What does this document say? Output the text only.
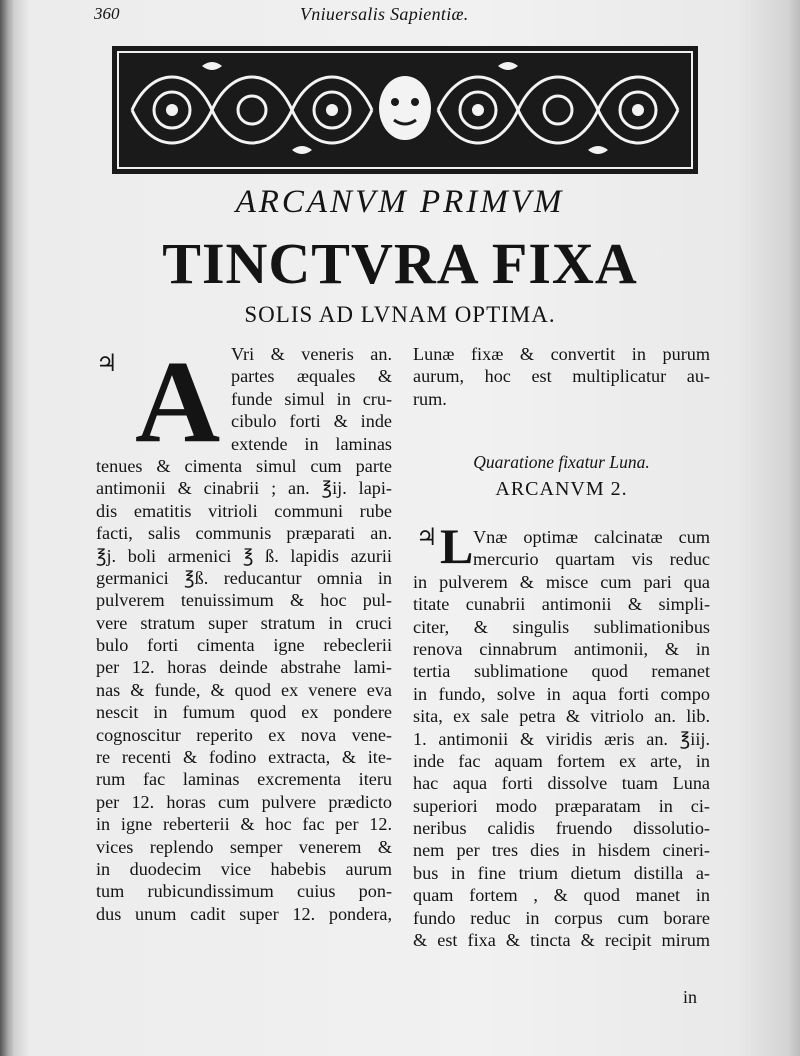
360	Vniuersalis Sapientiæ.
ARCANVM PRIMVM
TINCTVRA FIXA
SOLIS AD LVNAM OPTIMA.
♃ A Vri & veneris an.
partes æquales &
funde simul in cru-
cibulo forti & inde
extende in laminas
tenues & cimenta simul cum parte
antimonii & cinabrii ; an. ℥ij. lapi-
dis ematitis vitrioli communi rube
facti, salis communis præparati an.
℥j. boli armenici ℥ ß. lapidis azurii
germanici ℥ß. reducantur omnia in
pulverem tenuissimum & hoc pul-
vere stratum super stratum in cruci
bulo forti cimenta igne rebeclerii
per 12. horas deinde abstrahe lami-
nas & funde, & quod ex venere eva
nescit in fumum quod ex pondere
cognoscitur reperito ex nova vene-
re recenti & fodino extracta, & ite-
rum fac laminas excrementa iteru
per 12. horas cum pulvere prædicto
in igne reberterii & hoc fac per 12.
vices replendo semper venerem &
in duodecim vice habebis aurum
tum rubicundissimum cuius pon-
dus unum cadit super 12. pondera,
Lunæ fixæ & convertit in purum
aurum, hoc est multiplicatur au-
rum.
Quaratione fixatur Luna.
ARCANVM 2.
♃ L Vnæ optimæ calcinatæ cum
mercurio quartam vis reduc
in pulverem & misce cum pari qua
titate cunabrii antimonii & simpli-
citer, & singulis sublimationibus
renova cinnabrum antimonii, & in
tertia sublimatione quod remanet
in fundo, solve in aqua forti compo
sita, ex sale petra & vitriolo an. lib.
1. antimonii & viridis æris an. ℥iij.
inde fac aquam fortem ex arte, in
hac aqua forti dissolve tuam Luna
superiori modo præparatam in ci-
neribus calidis fruendo dissolutio-
nem per tres dies in hisdem cineri-
bus in fine trium dietum distilla a-
quam fortem , & quod manet in
fundo reduc in corpus cum borare
& est fixa & tincta & recipit mirum
in
